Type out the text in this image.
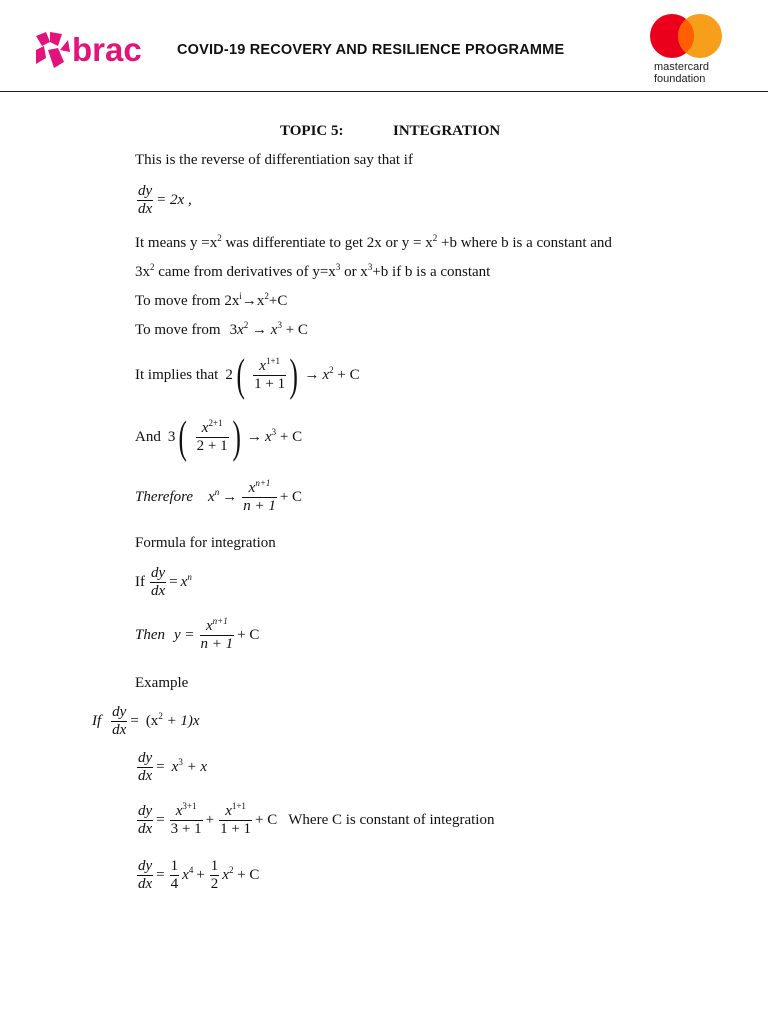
brac COVID-19 RECOVERY AND RESILIENCE PROGRAMME
mastercard
foundation
TOPIC 5:	INTEGRATION
This is the reverse of differentiation say that if
$\frac{dy}{dx} = 2x$ ,
It means $y =x^2$ was differentiate to get 2x or $y = x^2 +b$ where b is a constant and
$3x^2$ came from derivatives of $y=x^3$ or $x^3+b$ if b is a constant
To move from $2x^i\to x^2+C$
To move from $3x^2 \to x^3 + C$
It implies that 2 ( $\frac{x^{1+1}}{1 + 1}$ ) → $x^2 + C$
And 3 ( $\frac{x^{2+1}}{2 + 1}$ ) → $x^3 + C$
Therefore $x^n \to \frac{x^{n+1}}{n + 1} + C$
Formula for integration
If $\frac{dy}{dx} = x^n$
Then $y = \frac{x^{n+1}}{n + 1} + C$
Example
If $\frac{dy}{dx} = (x^2 + 1)x$
$\frac{dy}{dx} = x^3 + x$
$\frac{dy}{dx} = \frac{x^{3+1}}{3 + 1} + \frac{x^{1+1}}{1 + 1} + C$ Where C is constant of integration
$\frac{dy}{dx} = \frac{1}{4} x^4 + \frac{1}{2} x^2 + C$
